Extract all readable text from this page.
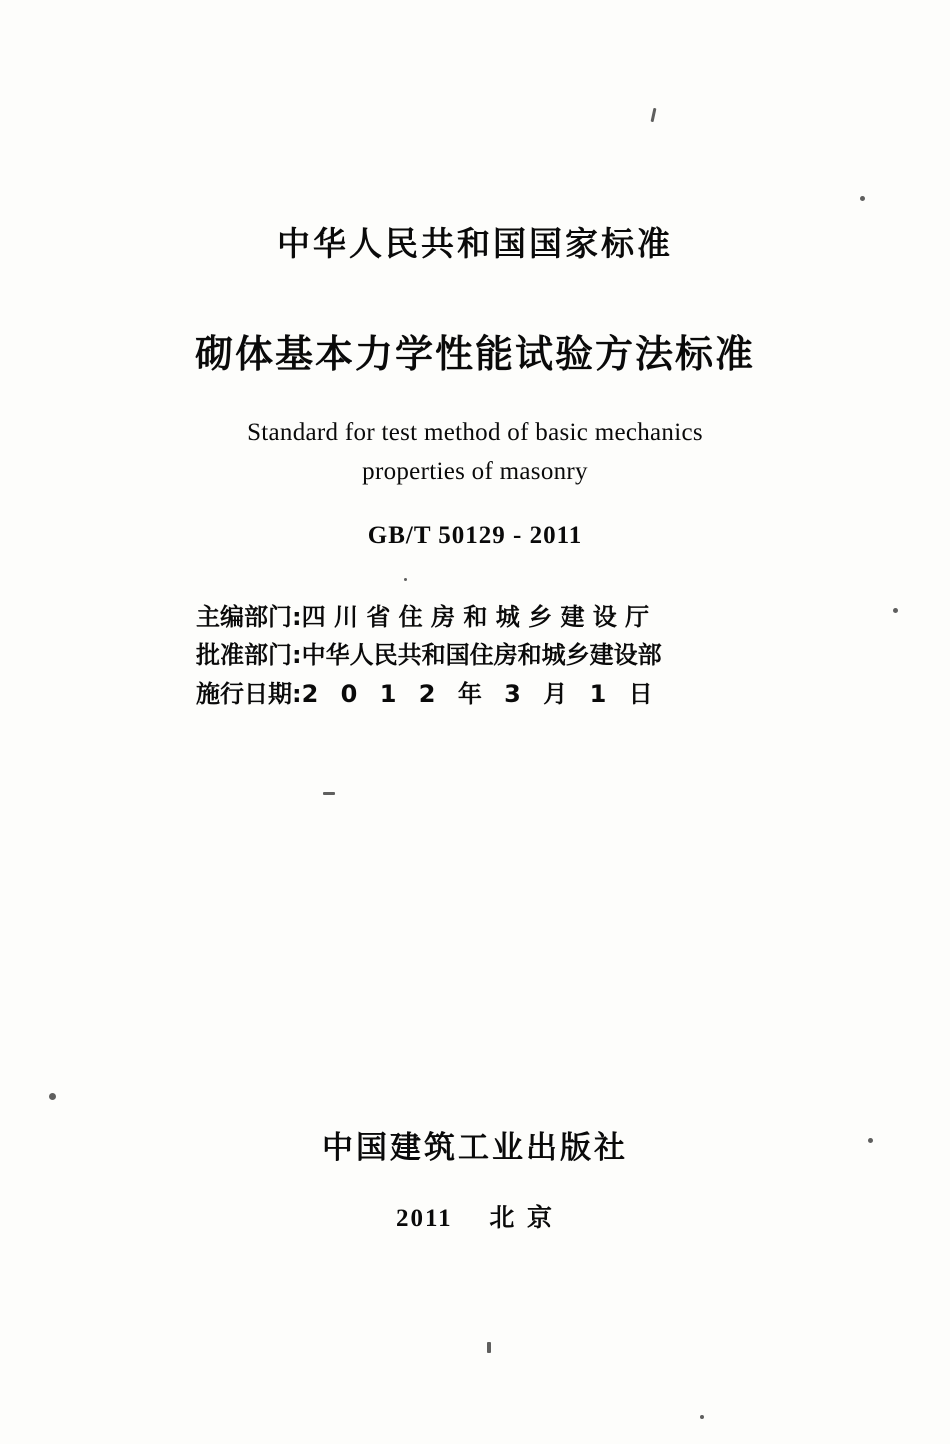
中华人民共和国国家标准
砌体基本力学性能试验方法标准
Standard for test method of basic mechanics
properties of masonry
GB/T 50129 - 2011
主编部门:四 川 省 住 房 和 城 乡 建 设 厅
批准部门:中华人民共和国住房和城乡建设部
施行日期:2 0 1 2 年 3 月 1 日
中国建筑工业出版社
2011 北 京
